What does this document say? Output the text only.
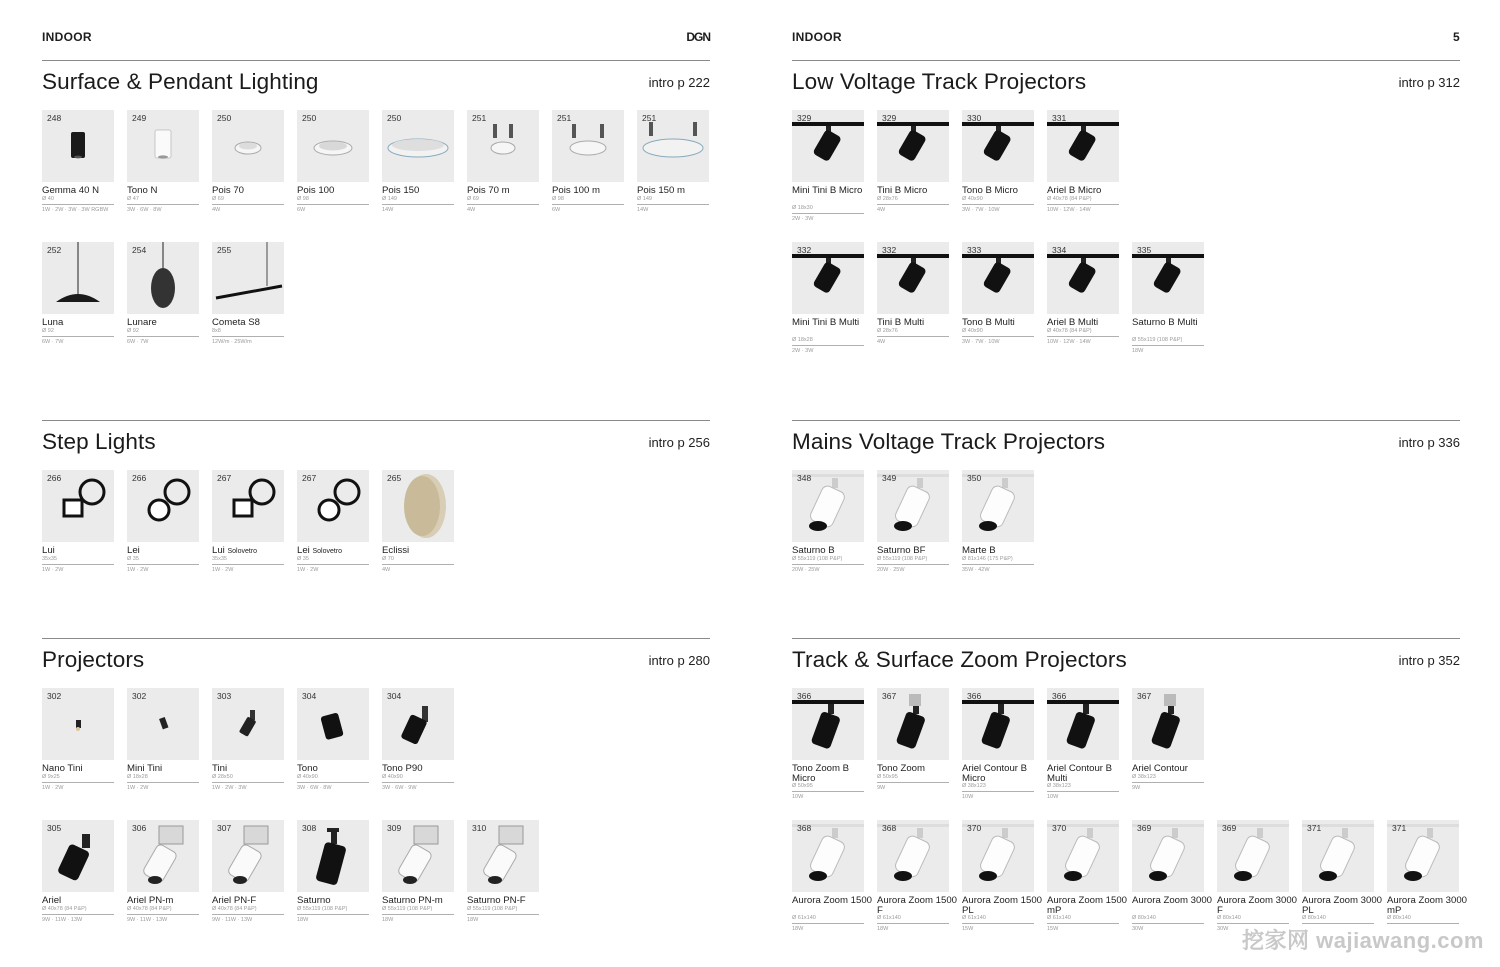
INDOOR	DGN
Surface & Pendant Lighting	intro p 222
248
Gemma 40 N
Ø 40
1W · 2W · 3W · 3W RGBW
249
Tono N
Ø 47
3W · 6W · 8W
250
Pois 70
Ø 69
4W
250
Pois 100
Ø 98
6W
250
Pois 150
Ø 149
14W
251
Pois 70 m
Ø 69
4W
251
Pois 100 m
Ø 98
6W
251
Pois 150 m
Ø 149
14W
252
Luna
Ø 92
6W · 7W
254
Lunare
Ø 92
6W · 7W
255
Cometa S8
8x8
12W/m · 25W/m
Step Lights	intro p 256
266
Lui
35x35
1W · 2W
266
Lei
Ø 35
1W · 2W
267
Lui Solovetro
35x35
1W · 2W
267
Lei Solovetro
Ø 35
1W · 2W
265
Eclissi
Ø 70
4W
Projectors	intro p 280
302
Nano Tini
Ø 9x25
1W · 2W
302
Mini Tini
Ø 18x28
1W · 2W
303
Tini
Ø 28x50
1W · 2W · 3W
304
Tono
Ø 40x90
3W · 6W · 8W
304
Tono P90
Ø 40x90
3W · 6W · 9W
305
Ariel
Ø 40x78 (84 P&P)
9W · 11W · 13W
306
Ariel PN-m
Ø 40x78 (84 P&P)
9W · 11W · 13W
307
Ariel PN-F
Ø 40x78 (84 P&P)
9W · 11W · 13W
308
Saturno
Ø 55x119 (108 P&P)
18W
309
Saturno PN-m
Ø 55x119 (108 P&P)
18W
310
Saturno PN-F
Ø 55x119 (108 P&P)
18W
INDOOR	5
Low Voltage Track Projectors	intro p 312
329
Mini Tini B Micro
Ø 18x30
2W · 3W
329
Tini B Micro
Ø 28x76
4W
330
Tono B Micro
Ø 40x90
3W · 7W · 10W
331
Ariel B Micro
Ø 40x78 (84 P&P)
10W · 12W · 14W
332
Mini Tini B Multi
Ø 18x28
2W · 3W
332
Tini B Multi
Ø 28x76
4W
333
Tono B Multi
Ø 40x90
3W · 7W · 10W
334
Ariel B Multi
Ø 40x78 (84 P&P)
10W · 12W · 14W
335
Saturno B Multi
Ø 55x119 (108 P&P)
18W
Mains Voltage Track Projectors	intro p 336
348
Saturno B
Ø 55x119 (108 P&P)
20W · 25W
349
Saturno BF
Ø 55x119 (108 P&P)
20W · 25W
350
Marte B
Ø 81x146 (175 P&P)
35W · 42W
Track & Surface Zoom Projectors	intro p 352
366
Tono Zoom B Micro
Ø 50x95
10W
367
Tono Zoom
Ø 50x95
9W
366
Ariel Contour B Micro
Ø 38x123
10W
366
Ariel Contour B Multi
Ø 38x123
10W
367
Ariel Contour
Ø 38x123
9W
368
Aurora Zoom 1500
Ø 61x140
18W
368
Aurora Zoom 1500 F
Ø 61x140
18W
370
Aurora Zoom 1500 PL
Ø 61x140
15W
370
Aurora Zoom 1500 mP
Ø 61x140
15W
369
Aurora Zoom 3000
Ø 80x140
30W
369
Aurora Zoom 3000 F
Ø 80x140
30W
371
Aurora Zoom 3000 PL
Ø 80x140
371
Aurora Zoom 3000 mP
Ø 80x140
挖家网 wajiawang.com
